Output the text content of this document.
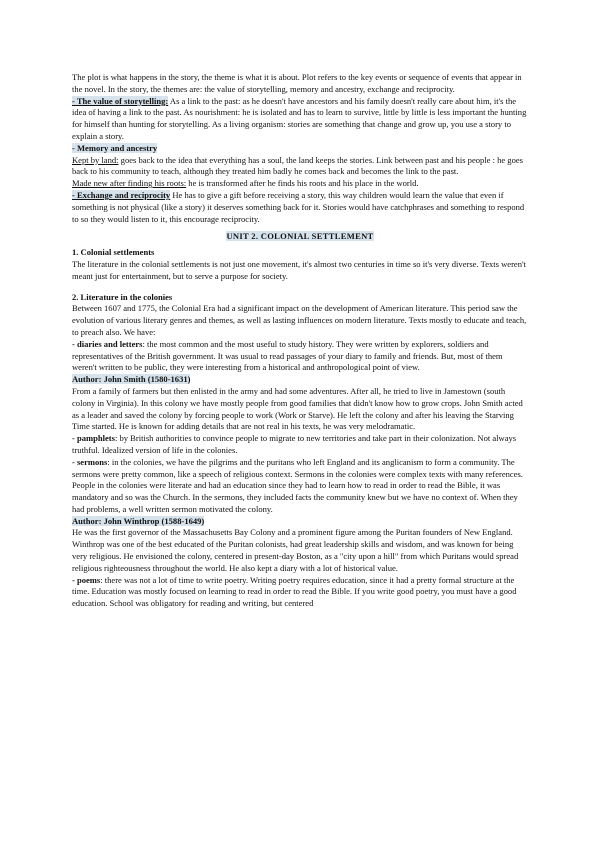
The plot is what happens in the story, the theme is what it is about. Plot refers to the key events or sequence of events that appear in the novel. In the story, the themes are: the value of storytelling, memory and ancestry, exchange and reciprocity.

- The value of storytelling: As a link to the past: as he doesn't have ancestors and his family doesn't really care about him, it's the idea of having a link to the past. As nourishment: he is isolated and has to learn to survive, little by little is less important the hunting for himself than hunting for storytelling. As a living organism: stories are something that change and grow up, you use a story to explain a story.

- Memory and ancestry

Kept by land: goes back to the idea that everything has a soul, the land keeps the stories. Link between past and his people : he goes back to his community to teach, although they treated him badly he comes back and becomes the link to the past.

Made new after finding his roots: he is transformed after he finds his roots and his place in the world.

- Exchange and reciprocity He has to give a gift before receiving a story, this way children would learn the value that even if something is not physical (like a story) it deserves something back for it. Stories would have catchphrases and something to respond to so they would listen to it, this encourage reciprocity.

UNIT 2. COLONIAL SETTLEMENT

1. Colonial settlements

The literature in the colonial settlements is not just one movement, it's almost two centuries in time so it's very diverse. Texts weren't meant just for entertainment, but to serve a purpose for society.

2. Literature in the colonies

Between 1607 and 1775, the Colonial Era had a significant impact on the development of American literature. This period saw the evolution of various literary genres and themes, as well as lasting influences on modern literature. Texts mostly to educate and teach, to preach also. We have:

- diaries and letters: the most common and the most useful to study history. They were written by explorers, soldiers and representatives of the British government. It was usual to read passages of your diary to family and friends. But, most of them weren't written to be public, they were interesting from a historical and anthropological point of view.

Author: John Smith (1580-1631)

From a family of farmers but then enlisted in the army and had some adventures. After all, he tried to live in Jamestown (south colony in Virginia). In this colony we have mostly people from good families that didn't know how to grow crops. John Smith acted as a leader and saved the colony by forcing people to work (Work or Starve). He left the colony and after his leaving the Starving Time started. He is known for adding details that are not real in his texts, he was very melodramatic.

- pamphlets: by British authorities to convince people to migrate to new territories and take part in their colonization. Not always truthful. Idealized version of life in the colonies.

- sermons: in the colonies, we have the pilgrims and the puritans who left England and its anglicanism to form a community. The sermons were pretty common, like a speech of religious context. Sermons in the colonies were complex texts with many references. People in the colonies were literate and had an education since they had to learn how to read in order to read the Bible, it was mandatory and so was the Church. In the sermons, they included facts the community knew but we have no context of. When they had problems, a well written sermon motivated the colony.

Author: John Winthrop (1588-1649)

He was the first governor of the Massachusetts Bay Colony and a prominent figure among the Puritan founders of New England. Winthrop was one of the best educated of the Puritan colonists, had great leadership skills and wisdom, and was known for being very religious. He envisioned the colony, centered in present-day Boston, as a "city upon a hill" from which Puritans would spread religious righteousness throughout the world. He also kept a diary with a lot of historical value.

- poems: there was not a lot of time to write poetry. Writing poetry requires education, since it had a pretty formal structure at the time. Education was mostly focused on learning to read in order to read the Bible. If you write good poetry, you must have a good education. School was obligatory for reading and writing, but centered
